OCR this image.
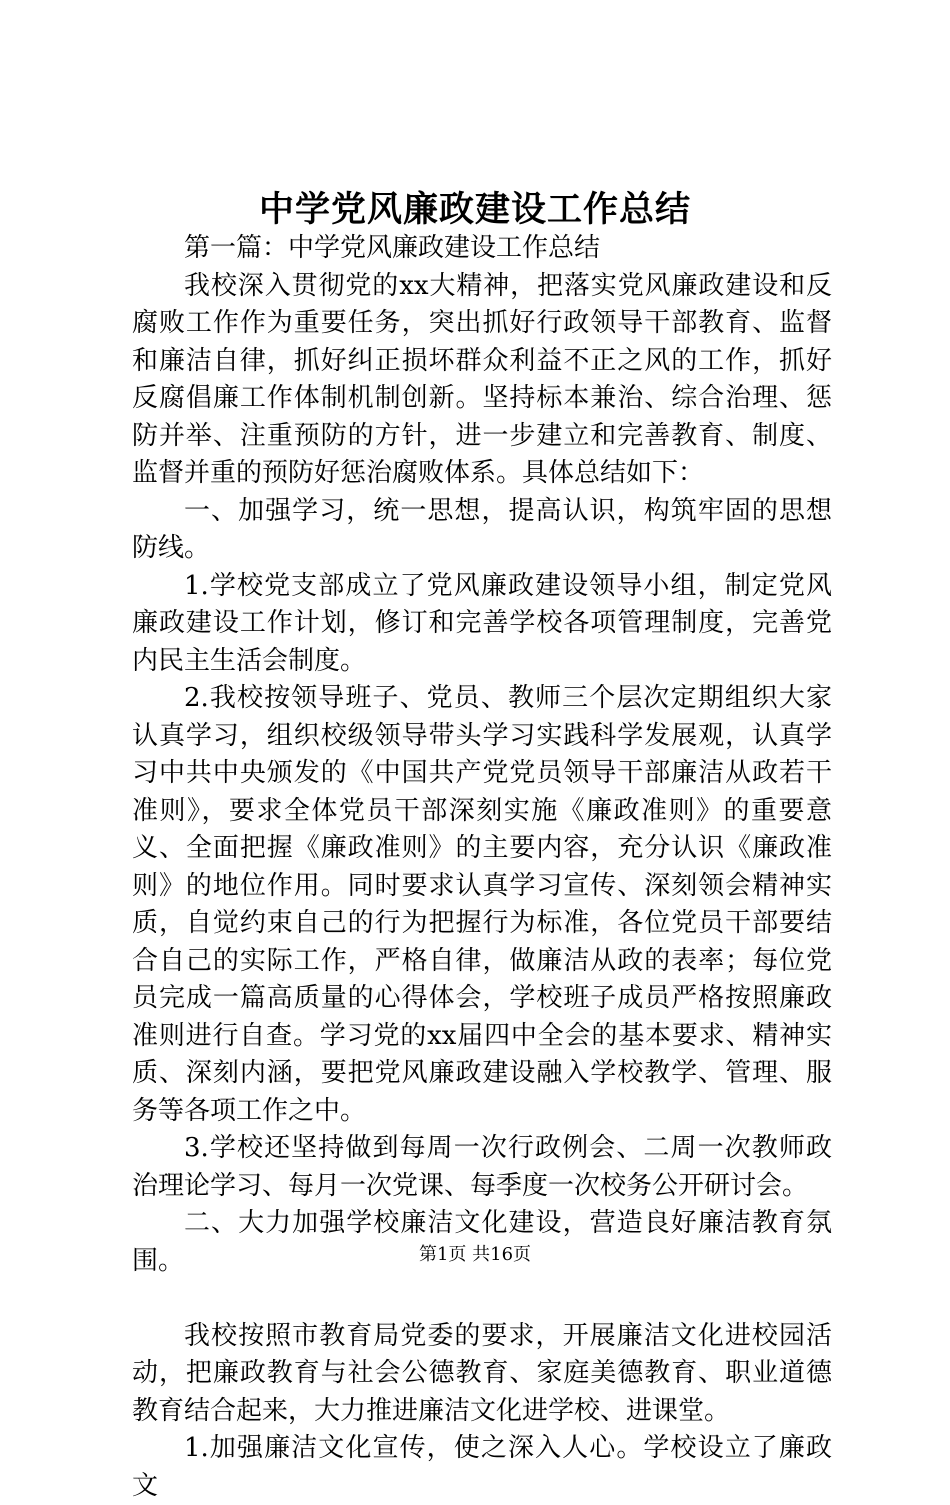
中学党风廉政建设工作总结

第一篇：中学党风廉政建设工作总结

我校深入贯彻党的xx大精神，把落实党风廉政建设和反腐败工作作为重要任务，突出抓好行政领导干部教育、监督和廉洁自律，抓好纠正损坏群众利益不正之风的工作，抓好反腐倡廉工作体制机制创新。坚持标本兼治、综合治理、惩防并举、注重预防的方针，进一步建立和完善教育、制度、监督并重的预防好惩治腐败体系。具体总结如下：

一、加强学习，统一思想，提高认识，构筑牢固的思想防线。

1.学校党支部成立了党风廉政建设领导小组，制定党风廉政建设工作计划，修订和完善学校各项管理制度，完善党内民主生活会制度。

2.我校按领导班子、党员、教师三个层次定期组织大家认真学习，组织校级领导带头学习实践科学发展观，认真学习中共中央颁发的《中国共产党党员领导干部廉洁从政若干准则》，要求全体党员干部深刻实施《廉政准则》的重要意义、全面把握《廉政准则》的主要内容，充分认识《廉政准则》的地位作用。同时要求认真学习宣传、深刻领会精神实质，自觉约束自己的行为把握行为标准，各位党员干部要结合自己的实际工作，严格自律，做廉洁从政的表率；每位党员完成一篇高质量的心得体会，学校班子成员严格按照廉政准则进行自查。学习党的xx届四中全会的基本要求、精神实质、深刻内涵，要把党风廉政建设融入学校教学、管理、服务等各项工作之中。

3.学校还坚持做到每周一次行政例会、二周一次教师政治理论学习、每月一次党课、每季度一次校务公开研讨会。

二、大力加强学校廉洁文化建设，营造良好廉洁教育氛围。

我校按照市教育局党委的要求，开展廉洁文化进校园活动，把廉政教育与社会公德教育、家庭美德教育、职业道德教育结合起来，大力推进廉洁文化进学校、进课堂。

1.加强廉洁文化宣传，使之深入人心。学校设立了廉政文

第1页 共16页
